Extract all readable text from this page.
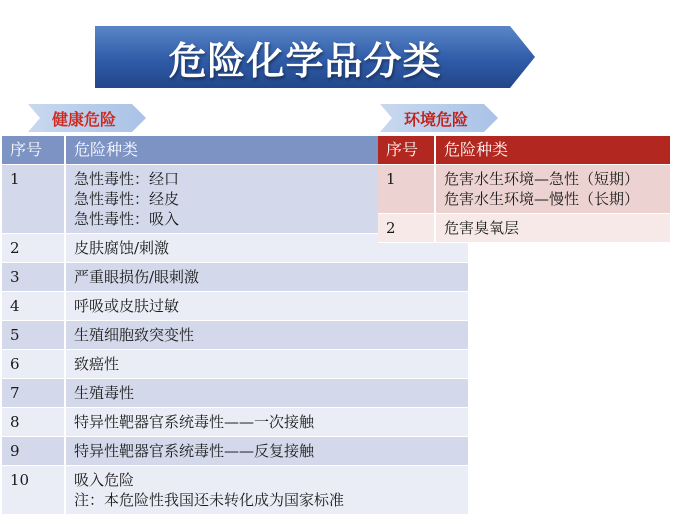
危险化学品分类
健康危险	环境危险
序号	危险种类
1	急性毒性：经口
急性毒性：经皮
急性毒性：吸入

2	皮肤腐蚀/刺激

3	严重眼损伤/眼刺激

4	呼吸或皮肤过敏

5	生殖细胞致突变性

6	致癌性

7	生殖毒性

8	特异性靶器官系统毒性——一次接触

9	特异性靶器官系统毒性——反复接触

10	吸入危险
注：本危险性我国还未转化成为国家标准
序号	危险种类
1	危害水生环境—急性（短期）
危害水生环境—慢性（长期）

2	危害臭氧层
